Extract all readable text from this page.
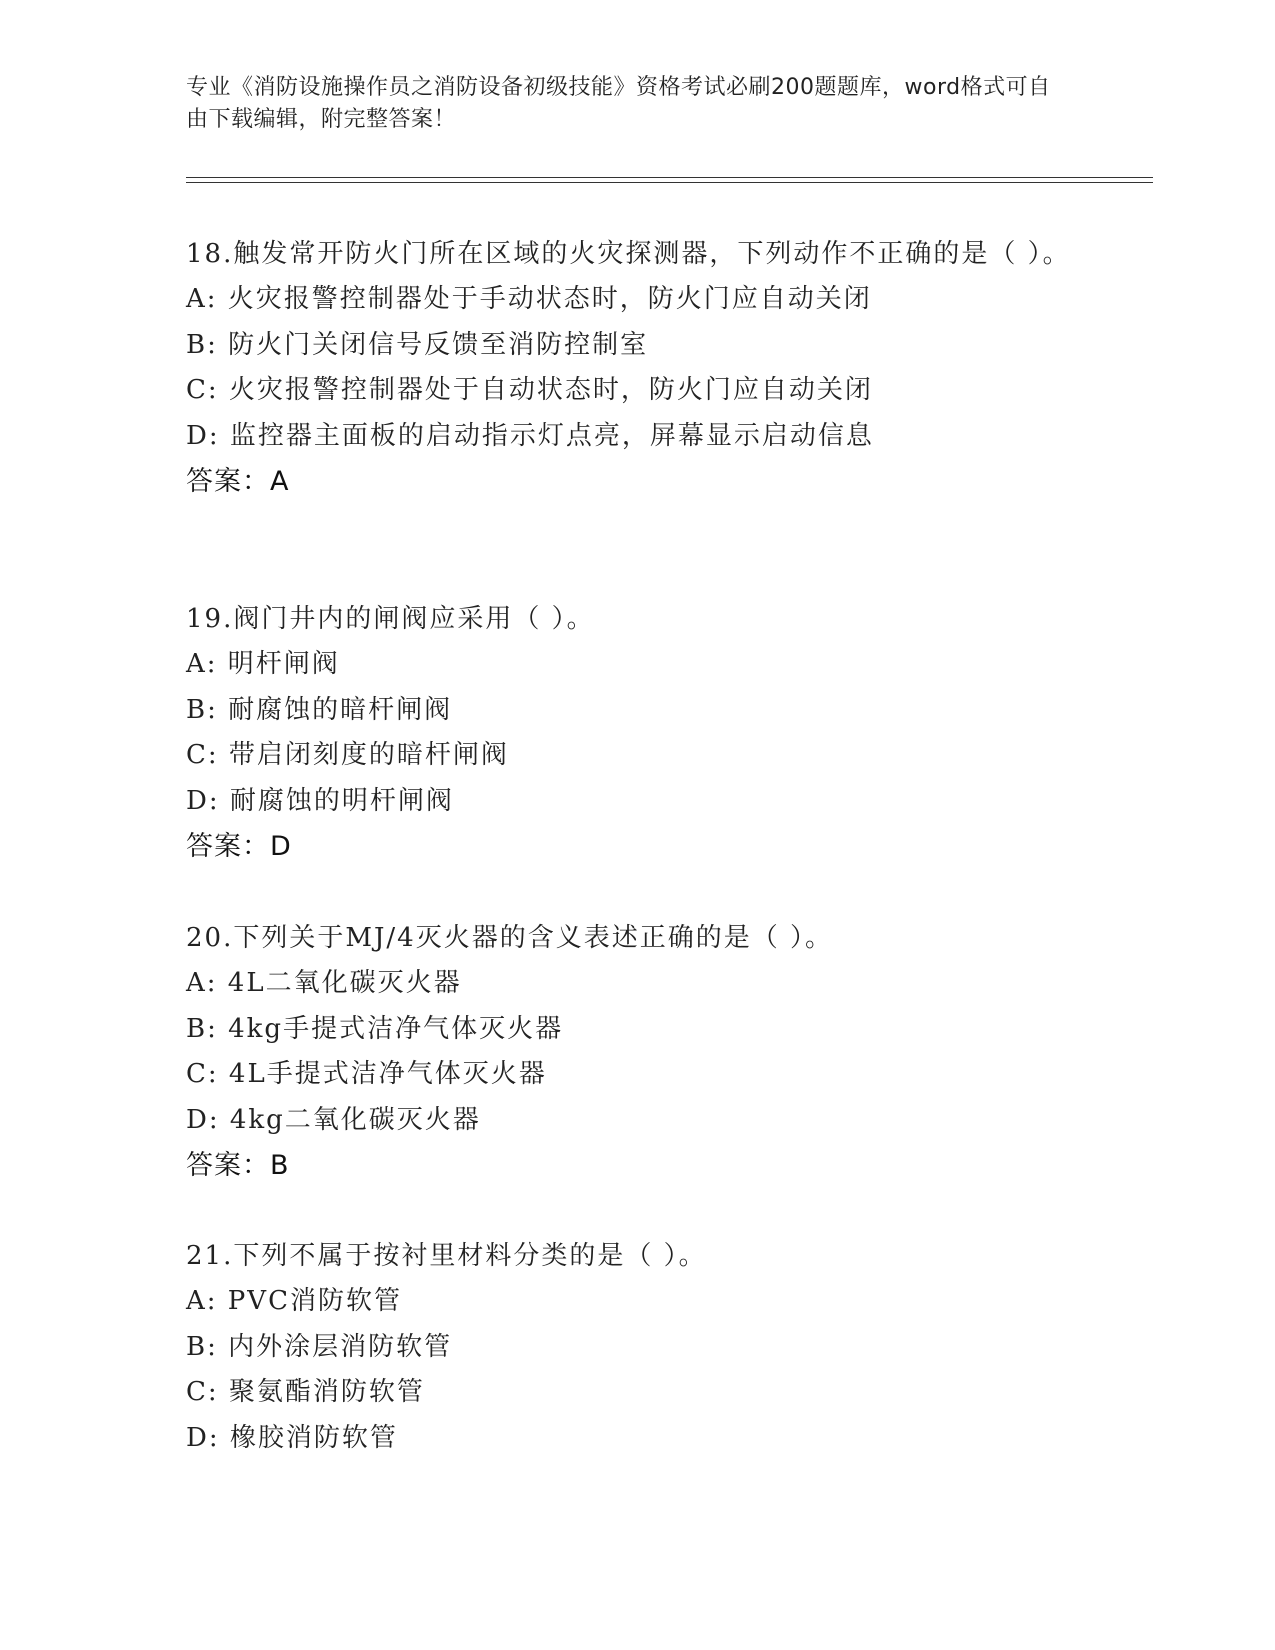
专业《消防设施操作员之消防设备初级技能》资格考试必刷200题题库，word格式可自由下载编辑，附完整答案！
18.触发常开防火门所在区域的火灾探测器，下列动作不正确的是（ ）。
A: 火灾报警控制器处于手动状态时，防火门应自动关闭
B: 防火门关闭信号反馈至消防控制室
C: 火灾报警控制器处于自动状态时，防火门应自动关闭
D: 监控器主面板的启动指示灯点亮，屏幕显示启动信息
答案：A
19.阀门井内的闸阀应采用（ ）。
A: 明杆闸阀
B: 耐腐蚀的暗杆闸阀
C: 带启闭刻度的暗杆闸阀
D: 耐腐蚀的明杆闸阀
答案：D
20.下列关于MJ/4灭火器的含义表述正确的是（ ）。
A: 4L二氧化碳灭火器
B: 4kg手提式洁净气体灭火器
C: 4L手提式洁净气体灭火器
D: 4kg二氧化碳灭火器
答案：B
21.下列不属于按衬里材料分类的是（ ）。
A: PVC消防软管
B: 内外涂层消防软管
C: 聚氨酯消防软管
D: 橡胶消防软管
